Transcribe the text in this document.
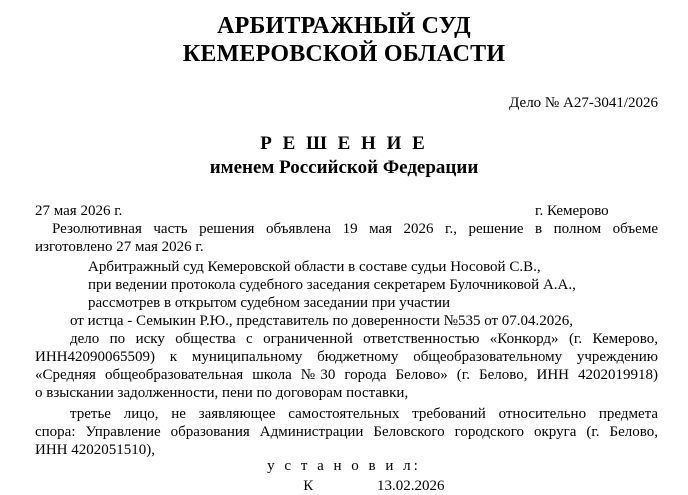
АРБИТРАЖНЫЙ СУД
КЕМЕРОВСКОЙ ОБЛАСТИ
Дело № А27-3041/2026
Р Е Ш Е Н И Е
именем Российской Федерации
27 мая 2026 г.	г. Кемерово
Резолютивная часть решения объявлена 19 мая 2026 г., решение в полном объеме
изготовлено 27 мая 2026 г.
Арбитражный суд Кемеровской области в составе судьи Носовой С.В.,
при ведении протокола судебного заседания секретарем Булочниковой А.А.,
рассмотрев в открытом судебном заседании при участии
от истца - Семыкин Р.Ю., представитель по доверенности №535 от 07.04.2026,
дело по иску общества с ограниченной ответственностью «Конкорд» (г. Кемерово,
ИНН42090065509) к муниципальному бюджетному общеобразовательному учреждению
«Средняя общеобразовательная школа №30 города Белово» (г. Белово, ИНН 4202019918)
о взыскании задолженности, пени по договорам поставки,
третье лицо, не заявляющее самостоятельных требований относительно предмета
спора: Управление образования Администрации Беловского городского округа (г. Белово,
ИНН 4202051510),
у с т а н о в и л:
К                 13.02.2026
